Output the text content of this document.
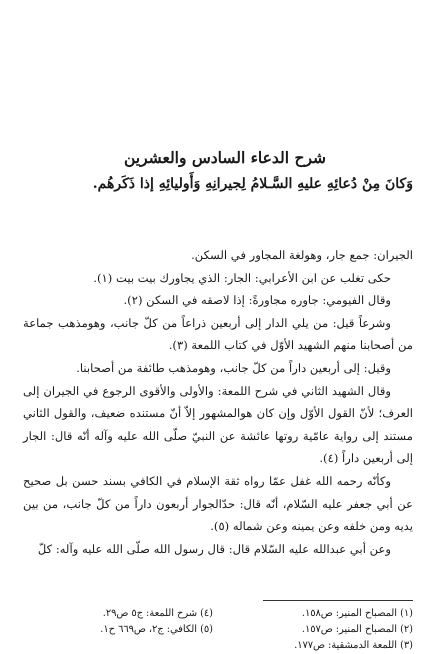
شرح الدعاء السادس والعشرين
وَكانَ مِنْ دُعائِهِ عليهِ السَّـلامُ لِجيرانِهِ وَأَوليائِهِ إذا ذَكَرهُم.

الجيران: جمع جار، وهولغة المجاور في السكن.

حكى تغلب عن ابن الأعرابي: الجار: الذي يجاورك بيت بيت (١).

وقال الفيومي: جاوره مجاورةً: إذا لاصقه في السكن (٢).

وشرعاً قيل: من يلي الدار إلى أربعين ذراعاً من كلّ جانب، وهومذهب جماعة من أصحابنا منهم الشهيد الأوّل في كتاب اللمعة (٣).

وقيل: إلى أربعين داراً من كلّ جانب، وهومذهب طائفة من أصحابنا.

وقال الشهيد الثاني في شرح اللمعة: والأولى والأقوى الرجوع في الجيران إلى العرف؛ لأنّ القول الأوّل وإن كان هوالمشهور إلاّ أنّ مستنده ضعيف، والقول الثاني مستند إلى رواية عامّية روتها عائشة عن النبيّ صلّى الله عليه وآله أنّه قال: الجار إلى أربعين داراً (٤).

وكأنّه رحمه الله غفل عمّا رواه ثقة الإسلام في الكافي بسند حسن بل صحيح عن أبي جعفر عليه السّلام، أنّه قال: حدّالجوار أربعون داراً من كلّ جانب، من بين يديه ومن خلفه وعن يمينه وعن شماله (٥).

وعن أبي عبدالله عليه السّلام قال: قال رسول الله صلّى الله عليه وآله: كلّ

(١) المصباح المنير: ص١٥٨.
(٢) المصباح المنير: ص١٥٧.
(٣) اللمعة الدمشقية: ص١٧٧.
(٤) شرح اللمعة: ج٥ ص٢٩.
(٥) الكافي: ج٢، ص٦٦٩ ح١.
